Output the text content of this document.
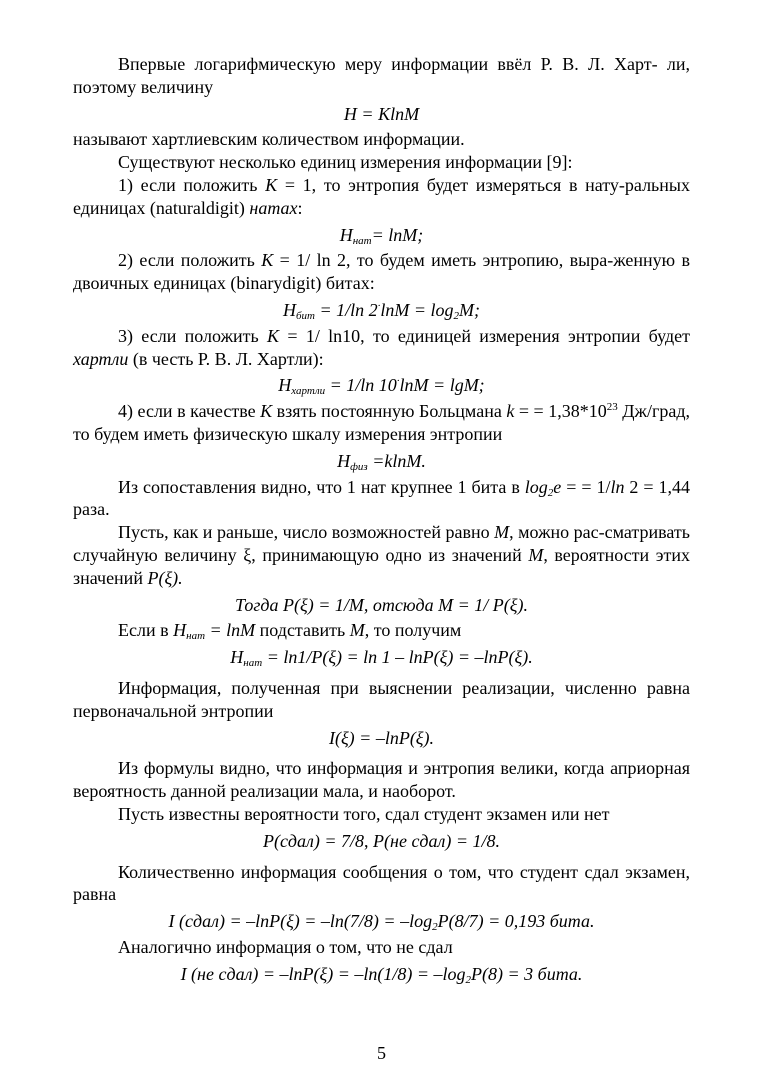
Впервые логарифмическую меру информации ввёл Р. В. Л. Харт- ли, поэтому величину

H = KlnM

называют хартлиевским количеством информации.

Существуют несколько единиц измерения информации [9]:

1) если положить K = 1, то энтропия будет измеряться в нату-ральных единицах (naturaldigit) натах:

$H_{нат}= \ln M$;

2) если положить K = 1/ ln 2, то будем иметь энтропию, выра-женную в двоичных единицах (binarydigit) битах:

$H_{бит} = 1/\ln$ $2^\cdot\ln M = \log_2M$;

3) если положить K = 1/ ln10, то единицей измерения энтропии будет хартли (в честь Р. В. Л. Хартли):

$H_{хартли} = 1/\ln$ 10·lnM = lgM;

4) если в качестве K взять постоянную Больцмана k = = $1,38*10^{23}$ Дж/град, то будем иметь физическую шкалу измерения энтропии

$H_{физ} =klnM$.

Из сопоставления видно, что 1 нат крупнее 1 бита в $\log_2e$ = = 1/ln 2 = 1,44 раза.

Пусть, как и раньше, число возможностей равно M, можно рас-сматривать случайную величину ξ, принимающую одно из значений M, вероятности этих значений P(ξ).

Тогда P(ξ) = 1/M, отсюда M = 1/ P(ξ).

Если в $H_{нат} = \ln M$ подставить M, то получим

$H_{нат} = \ln 1/P(\xi) = \ln 1 - \ln P(\xi) = -\ln P(\xi)$.

Информация, полученная при выяснении реализации, численно равна первоначальной энтропии

I(ξ) = –lnP(ξ).

Из формулы видно, что информация и энтропия велики, когда априорная вероятность данной реализации мала, и наоборот.

Пусть известны вероятности того, сдал студент экзамен или нет

P(сдал) = 7/8, P(не сдал) = 1/8.

Количественно информация сообщения о том, что студент сдал экзамен, равна

I (сдал) = $-\ln P(\xi) = -\ln(7/8) = -\log_2P(8/7) = 0,193$ бита.

Аналогично информация о том, что не сдал

I (не сдал) = $-\ln P(\xi) = -\ln(1/8) = -\log_2P(8) = 3$ бита.

5
